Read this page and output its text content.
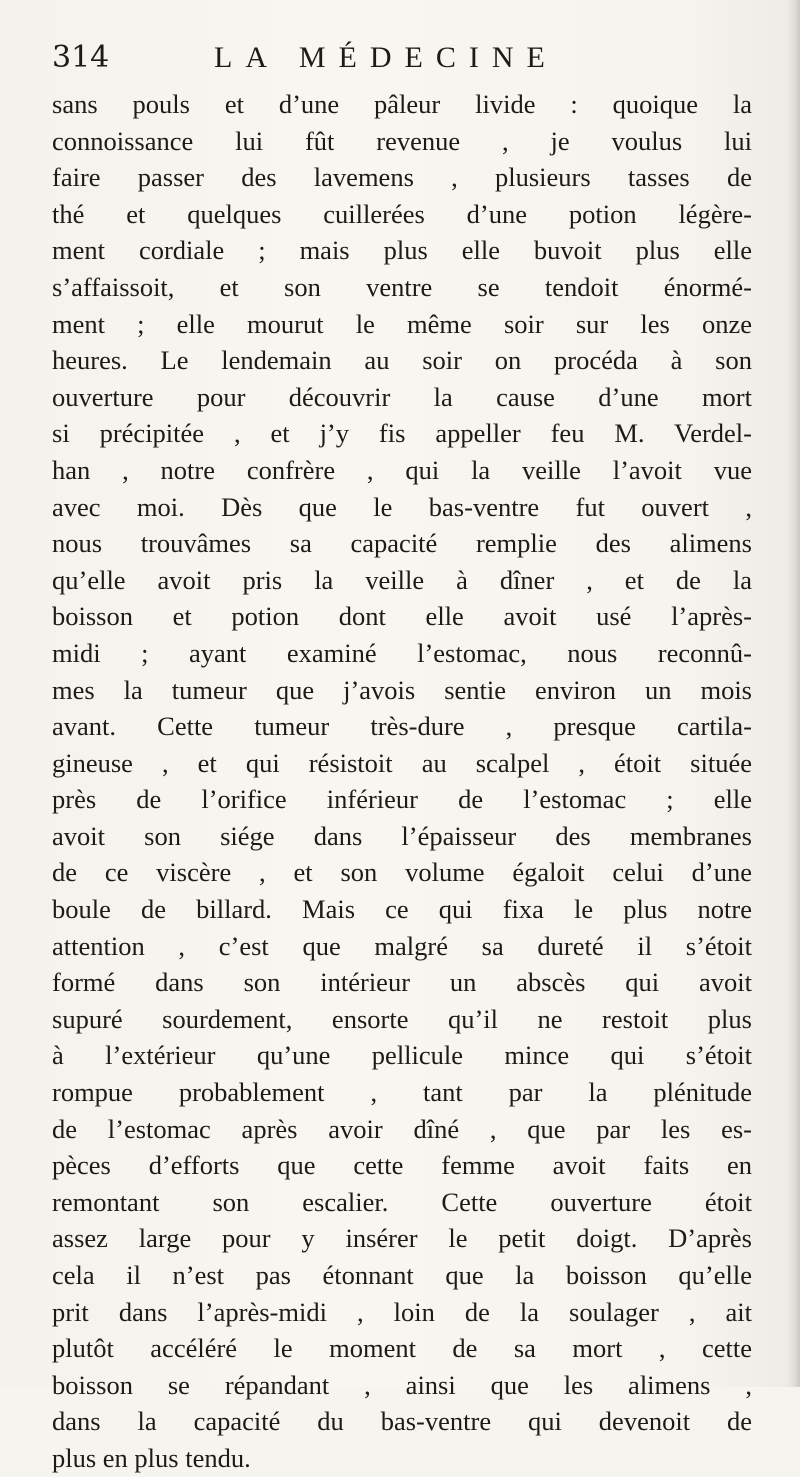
314	LA MÉDECINE
sans pouls et d’une pâleur livide : quoique la
connoissance lui fût revenue , je voulus lui
faire passer des lavemens , plusieurs tasses de
thé et quelques cuillerées d’une potion légère-
ment cordiale ; mais plus elle buvoit plus elle
s’affaissoit, et son ventre se tendoit énormé-
ment ; elle mourut le même soir sur les onze
heures. Le lendemain au soir on procéda à son
ouverture pour découvrir la cause d’une mort
si précipitée , et j’y fis appeller feu M. Verdel-
han , notre confrère , qui la veille l’avoit vue
avec moi. Dès que le bas-ventre fut ouvert ,
nous trouvâmes sa capacité remplie des alimens
qu’elle avoit pris la veille à dîner , et de la
boisson et potion dont elle avoit usé l’après-
midi ; ayant examiné l’estomac, nous reconnû-
mes la tumeur que j’avois sentie environ un mois
avant. Cette tumeur très-dure , presque cartila-
gineuse , et qui résistoit au scalpel , étoit située
près de l’orifice inférieur de l’estomac ; elle
avoit son siége dans l’épaisseur des membranes
de ce viscère , et son volume égaloit celui d’une
boule de billard. Mais ce qui fixa le plus notre
attention , c’est que malgré sa dureté il s’étoit
formé dans son intérieur un abscès qui avoit
supuré sourdement, ensorte qu’il ne restoit plus
à l’extérieur qu’une pellicule mince qui s’étoit
rompue probablement , tant par la plénitude
de l’estomac après avoir dîné , que par les es-
pèces d’efforts que cette femme avoit faits en
remontant son escalier. Cette ouverture étoit
assez large pour y insérer le petit doigt. D’après
cela il n’est pas étonnant que la boisson qu’elle
prit dans l’après-midi , loin de la soulager , ait
plutôt accéléré le moment de sa mort , cette
boisson se répandant , ainsi que les alimens ,
dans la capacité du bas-ventre qui devenoit de
plus en plus tendu.
